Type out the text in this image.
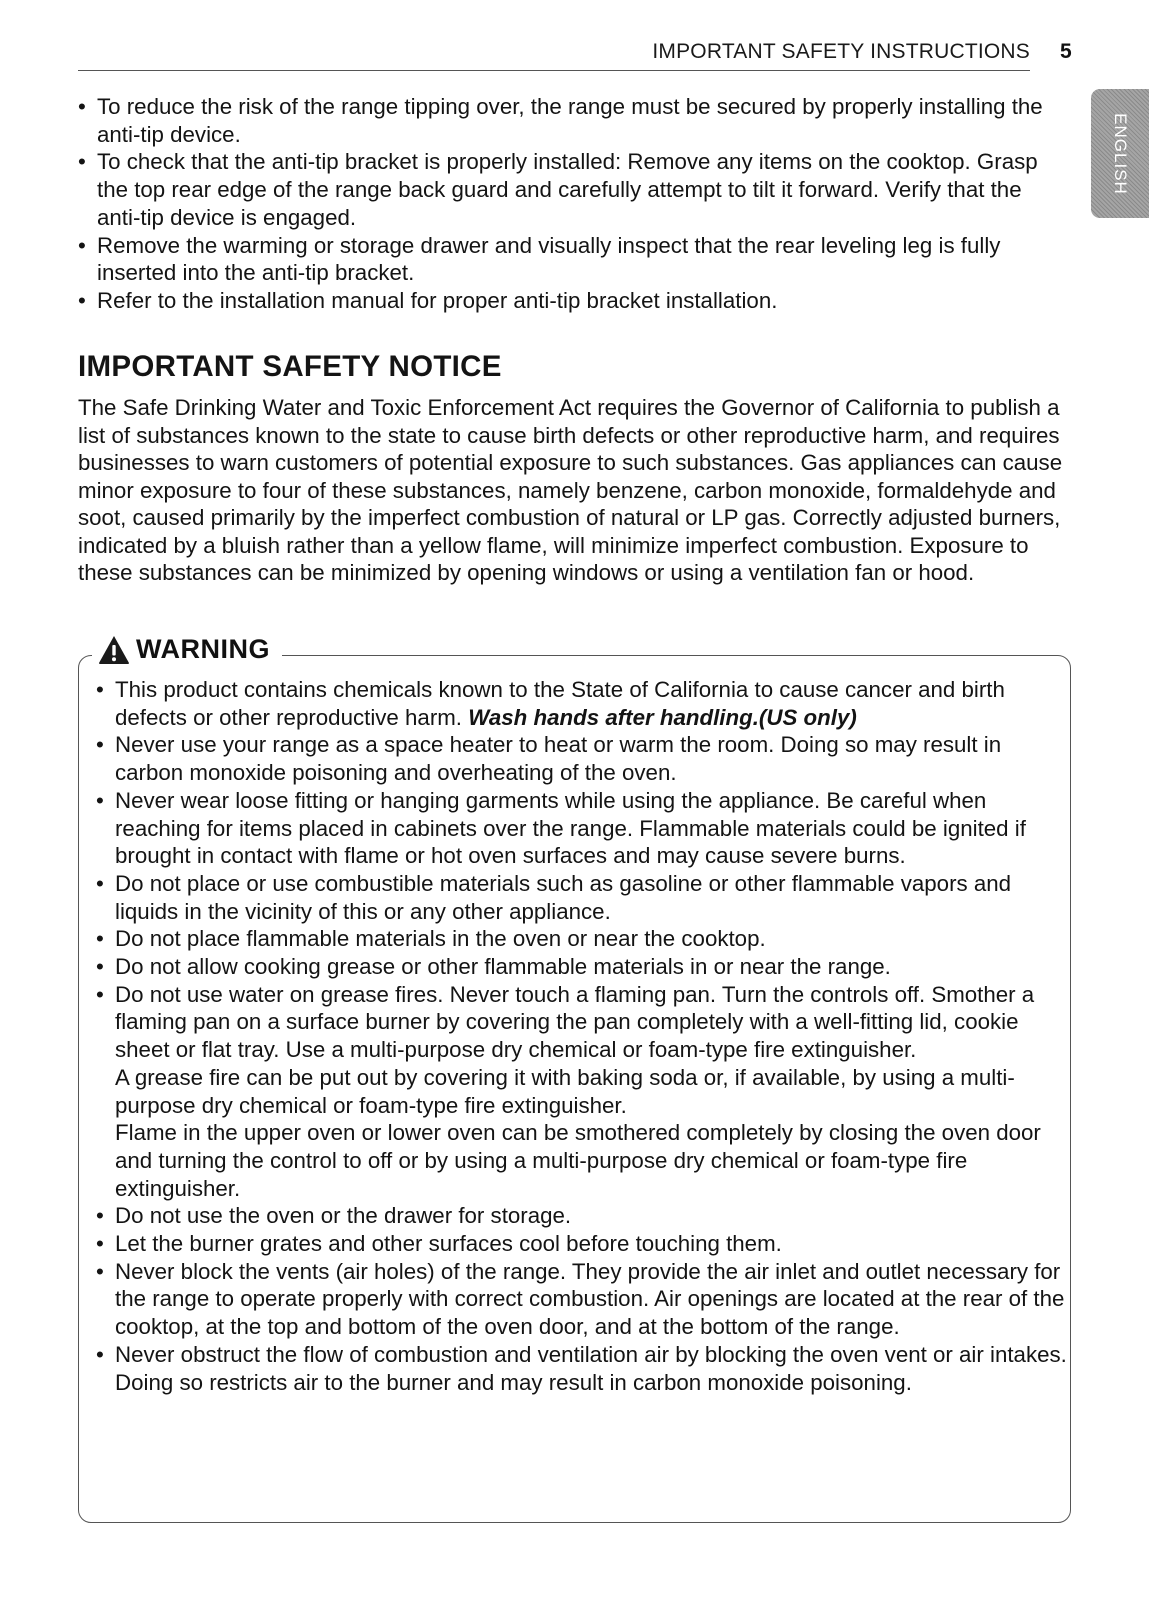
IMPORTANT SAFETY INSTRUCTIONS 5
ENGLISH
• To reduce the risk of the range tipping over, the range must be secured by properly installing the anti-tip device.
• To check that the anti-tip bracket is properly installed: Remove any items on the cooktop. Grasp the top rear edge of the range back guard and carefully attempt to tilt it forward. Verify that the anti-tip device is engaged.
• Remove the warming or storage drawer and visually inspect that the rear leveling leg is fully inserted into the anti-tip bracket.
• Refer to the installation manual for proper anti-tip bracket installation.
IMPORTANT SAFETY NOTICE

The Safe Drinking Water and Toxic Enforcement Act requires the Governor of California to publish a list of substances known to the state to cause birth defects or other reproductive harm, and requires businesses to warn customers of potential exposure to such substances. Gas appliances can cause minor exposure to four of these substances, namely benzene, carbon monoxide, formaldehyde and soot, caused primarily by the imperfect combustion of natural or LP gas. Correctly adjusted burners, indicated by a bluish rather than a yellow flame, will minimize imperfect combustion. Exposure to these substances can be minimized by opening windows or using a ventilation fan or hood.

WARNING
• This product contains chemicals known to the State of California to cause cancer and birth defects or other reproductive harm. Wash hands after handling.(US only)
• Never use your range as a space heater to heat or warm the room. Doing so may result in carbon monoxide poisoning and overheating of the oven.
• Never wear loose fitting or hanging garments while using the appliance. Be careful when reaching for items placed in cabinets over the range. Flammable materials could be ignited if brought in contact with flame or hot oven surfaces and may cause severe burns.
• Do not place or use combustible materials such as gasoline or other flammable vapors and liquids in the vicinity of this or any other appliance.
• Do not place flammable materials in the oven or near the cooktop.
• Do not allow cooking grease or other flammable materials in or near the range.
• Do not use water on grease fires. Never touch a flaming pan. Turn the controls off. Smother a flaming pan on a surface burner by covering the pan completely with a well-fitting lid, cookie sheet or flat tray. Use a multi-purpose dry chemical or foam-type fire extinguisher.
A grease fire can be put out by covering it with baking soda or, if available, by using a multi-purpose dry chemical or foam-type fire extinguisher.
Flame in the upper oven or lower oven can be smothered completely by closing the oven door and turning the control to off or by using a multi-purpose dry chemical or foam-type fire extinguisher.
• Do not use the oven or the drawer for storage.
• Let the burner grates and other surfaces cool before touching them.
• Never block the vents (air holes) of the range. They provide the air inlet and outlet necessary for the range to operate properly with correct combustion. Air openings are located at the rear of the cooktop, at the top and bottom of the oven door, and at the bottom of the range.
• Never obstruct the flow of combustion and ventilation air by blocking the oven vent or air intakes. Doing so restricts air to the burner and may result in carbon monoxide poisoning.
